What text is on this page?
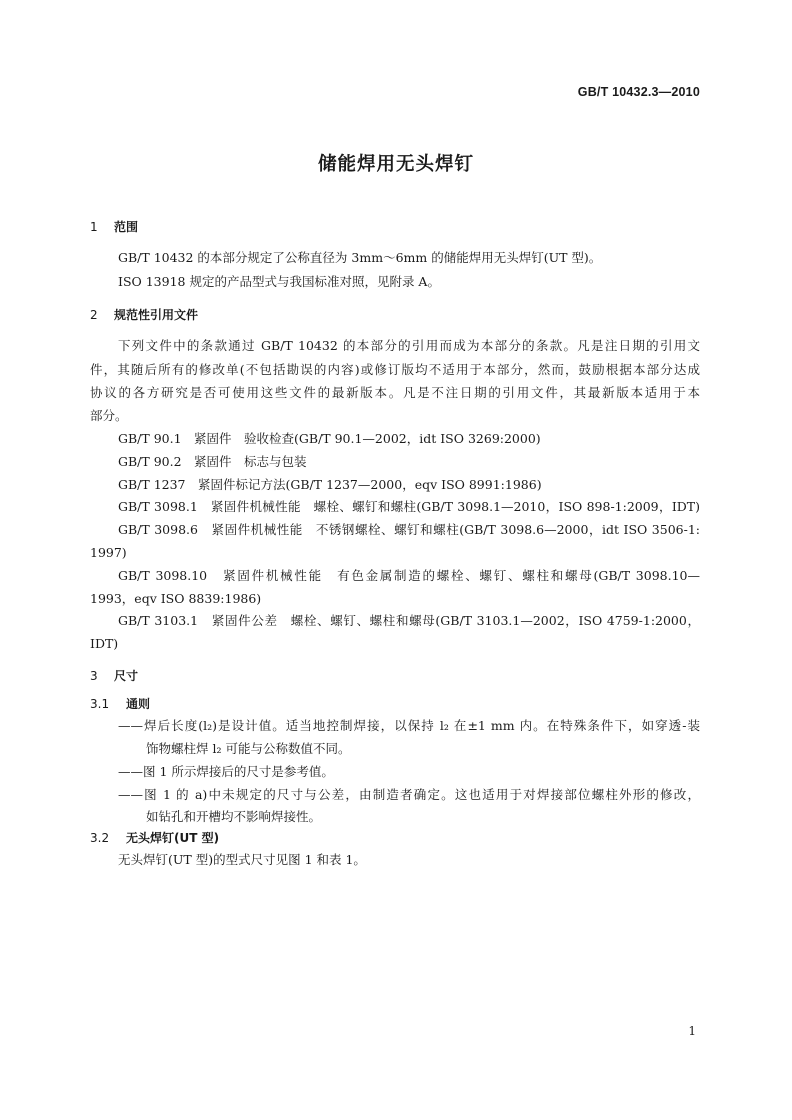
GB/T 10432.3—2010
储能焊用无头焊钉
1 范围
GB/T 10432 的本部分规定了公称直径为 3mm～6mm 的储能焊用无头焊钉(UT 型)。
ISO 13918 规定的产品型式与我国标准对照，见附录 A。
2 规范性引用文件
下列文件中的条款通过 GB/T 10432 的本部分的引用而成为本部分的条款。凡是注日期的引用文
件，其随后所有的修改单(不包括勘误的内容)或修订版均不适用于本部分，然而，鼓励根据本部分达成
协议的各方研究是否可使用这些文件的最新版本。凡是不注日期的引用文件，其最新版本适用于本
部分。
GB/T 90.1　紧固件　验收检查(GB/T 90.1—2002，idt ISO 3269:2000)
GB/T 90.2　紧固件　标志与包装
GB/T 1237　紧固件标记方法(GB/T 1237—2000，eqv ISO 8991:1986)
GB/T 3098.1　紧固件机械性能　螺栓、螺钉和螺柱(GB/T 3098.1—2010，ISO 898-1:2009，IDT)
GB/T 3098.6　紧固件机械性能　不锈钢螺栓、螺钉和螺柱(GB/T 3098.6—2000，idt ISO 3506-1:
1997)
GB/T 3098.10　紧固件机械性能　有色金属制造的螺栓、螺钉、螺柱和螺母(GB/T 3098.10—
1993，eqv ISO 8839:1986)
GB/T 3103.1　紧固件公差　螺栓、螺钉、螺柱和螺母(GB/T 3103.1—2002，ISO 4759-1:2000，
IDT)
3 尺寸
3.1 通则
——焊后长度(l₂)是设计值。适当地控制焊接，以保持 l₂ 在±1 mm 内。在特殊条件下，如穿透-装
饰物螺柱焊 l₂ 可能与公称数值不同。
——图 1 所示焊接后的尺寸是参考值。
——图 1 的 a)中未规定的尺寸与公差，由制造者确定。这也适用于对焊接部位螺柱外形的修改，
如钻孔和开槽均不影响焊接性。
3.2 无头焊钉(UT 型)
无头焊钉(UT 型)的型式尺寸见图 1 和表 1。
1
